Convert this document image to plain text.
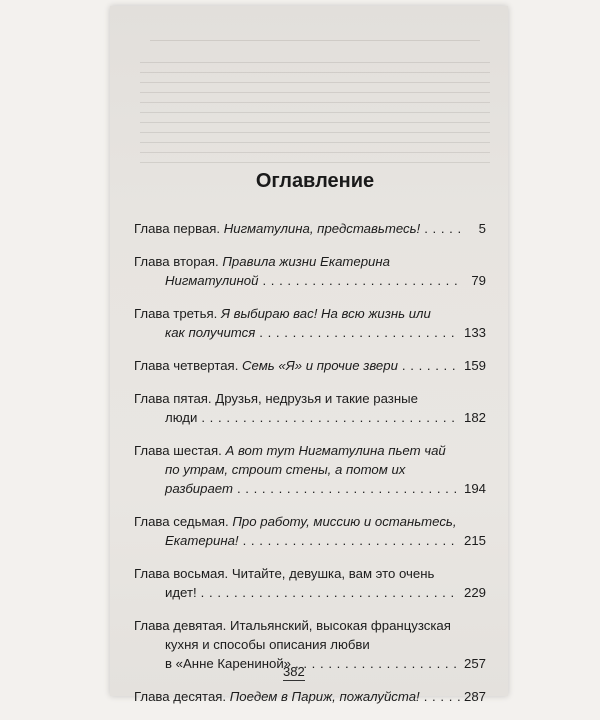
Оглавление
Глава первая. Нигматулина, представьтесь! . . .	5
Глава вторая. Правила жизни Екатерина
Нигматулиной . . .	79
Глава третья. Я выбираю вас! На всю жизнь или
как получится . . .	133
Глава четвертая. Семь «Я» и прочие звери . . .	159
Глава пятая. Друзья, недрузья и такие разные
люди . . .	182
Глава шестая. А вот тут Нигматулина пьет чай
по утрам, строит стены, а потом их
разбирает . . .	194
Глава седьмая. Про работу, миссию и останьтесь,
Екатерина! . . .	215
Глава восьмая. Читайте, девушка, вам это очень
идет! . . .	229
Глава девятая. Итальянский, высокая французская
кухня и способы описания любви
в «Анне Карениной» . . .	257
Глава десятая. Поедем в Париж, пожалуйста! . . .	287
382
